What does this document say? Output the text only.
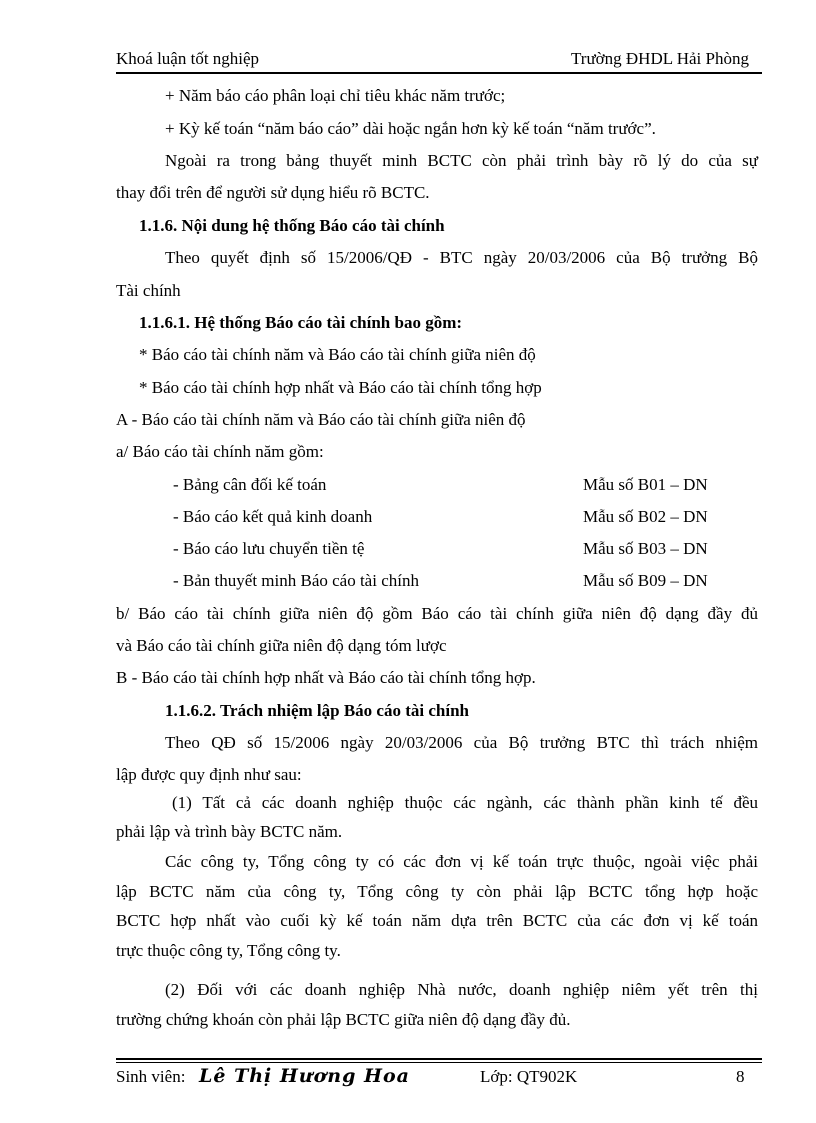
Khoá luận tốt nghiệp	Trường ĐHDL Hải Phòng
+ Năm báo cáo phân loại chỉ tiêu khác năm trước;
+ Kỳ kế toán “năm báo cáo” dài hoặc ngắn hơn kỳ kế toán “năm trước”.
Ngoài ra trong bảng thuyết minh BCTC còn phải trình bày rõ lý do của sự
thay đổi trên để người sử dụng hiểu rõ BCTC.
1.1.6. Nội dung hệ thống Báo cáo tài chính
Theo quyết định số 15/2006/QĐ - BTC ngày 20/03/2006 của Bộ trưởng Bộ
Tài chính
1.1.6.1. Hệ thống Báo cáo tài chính bao gồm:
* Báo cáo tài chính năm và Báo cáo tài chính giữa niên độ
* Báo cáo tài chính hợp nhất và Báo cáo tài chính tổng hợp
A - Báo cáo tài chính năm và Báo cáo tài chính giữa niên độ
a/ Báo cáo tài chính năm gồm:
- Bảng cân đối kế toán	Mẫu số B01 – DN
- Báo cáo kết quả kinh doanh	Mẫu số B02 – DN
- Báo cáo lưu chuyển tiền tệ	Mẫu số B03 – DN
- Bản thuyết minh Báo cáo tài chính	Mẫu số B09 – DN
b/ Báo cáo tài chính giữa niên độ gồm Báo cáo tài chính giữa niên độ dạng đầy đủ
và Báo cáo tài chính giữa niên độ dạng tóm lược
B - Báo cáo tài chính hợp nhất và Báo cáo tài chính tổng hợp.
1.1.6.2. Trách nhiệm lập Báo cáo tài chính
Theo QĐ số 15/2006 ngày 20/03/2006 của Bộ trưởng BTC thì trách nhiệm
lập được quy định như sau:
(1) Tất cả các doanh nghiệp thuộc các ngành, các thành phần kinh tế đều
phải lập và trình bày BCTC năm.
Các công ty, Tổng công ty có các đơn vị kế toán trực thuộc, ngoài việc phải
lập BCTC năm của công ty, Tổng công ty còn phải lập BCTC tổng hợp hoặc
BCTC hợp nhất vào cuối kỳ kế toán năm dựa trên BCTC của các đơn vị kế toán
trực thuộc công ty, Tổng công ty.
(2) Đối với các doanh nghiệp Nhà nước, doanh nghiệp niêm yết trên thị
trường chứng khoán còn phải lập BCTC giữa niên độ dạng đầy đủ.
Sinh viên: Lê Thị Hương Hoa	Lớp: QT902K	8
